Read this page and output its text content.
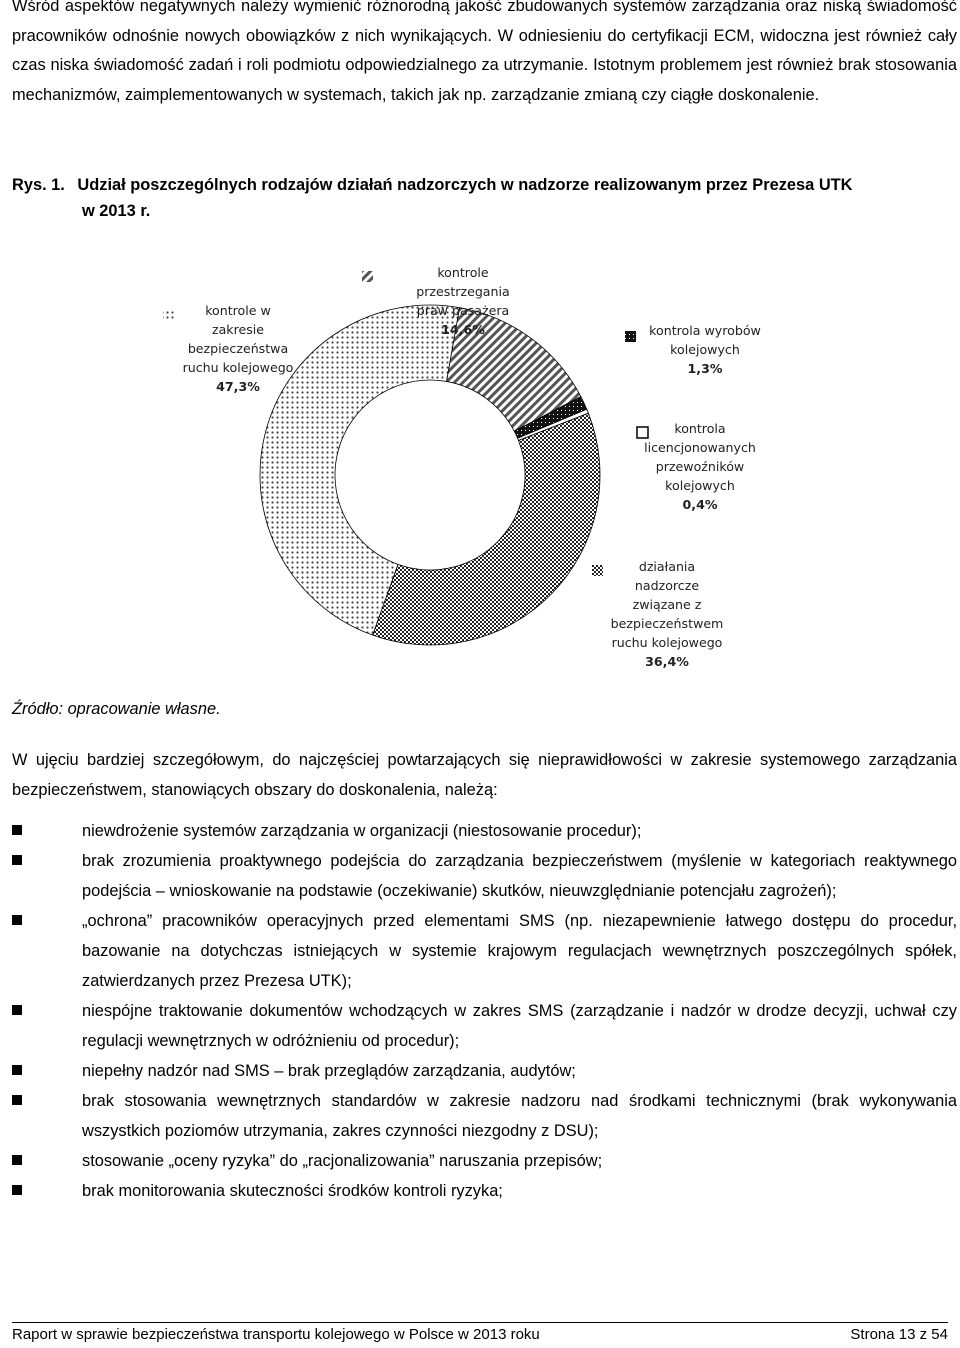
Wśród aspektów negatywnych należy wymienić różnorodną jakość zbudowanych systemów zarządzania oraz niską świadomość pracowników odnośnie nowych obowiązków z nich wynikających. W odniesieniu do certyfikacji ECM, widoczna jest również cały czas niska świadomość zadań i roli podmiotu odpowiedzialnego za utrzymanie. Istotnym problemem jest również brak stosowania mechanizmów, zaimplementowanych w systemach, takich jak np. zarządzanie zmianą czy ciągłe doskonalenie.

Rys. 1. Udział poszczególnych rodzajów działań nadzorczych w nadzorze realizowanym przez Prezesa UTK
w 2013 r.
kontrole przestrzegania praw pasażera 14,6%	kontrola wyrobów kolejowych 1,3%
kontrola licencjonowanych przewoźników kolejowych 0,4%
działania nadzorcze związane z bezpieczeństwem ruchu kolejowego 36,4%
kontrole w zakresie bezpieczeństwa ruchu kolejowego 47,3%
Źródło: opracowanie własne.

W ujęciu bardziej szczegółowym, do najczęściej powtarzających się nieprawidłowości w zakresie systemowego zarządzania bezpieczeństwem, stanowiących obszary do doskonalenia, należą:

niewdrożenie systemów zarządzania w organizacji (niestosowanie procedur);
brak zrozumienia proaktywnego podejścia do zarządzania bezpieczeństwem (myślenie w kategoriach reaktywnego podejścia – wnioskowanie na podstawie (oczekiwanie) skutków, nieuwzględnianie potencjału zagrożeń);
„ochrona” pracowników operacyjnych przed elementami SMS (np. niezapewnienie łatwego dostępu do procedur, bazowanie na dotychczas istniejących w systemie krajowym regulacjach wewnętrznych poszczególnych spółek, zatwierdzanych przez Prezesa UTK);
niespójne traktowanie dokumentów wchodzących w zakres SMS (zarządzanie i nadzór w drodze decyzji, uchwał czy regulacji wewnętrznych w odróżnieniu od procedur);
niepełny nadzór nad SMS – brak przeglądów zarządzania, audytów;
brak stosowania wewnętrznych standardów w zakresie nadzoru nad środkami technicznymi (brak wykonywania wszystkich poziomów utrzymania, zakres czynności niezgodny z DSU);
stosowanie „oceny ryzyka” do „racjonalizowania” naruszania przepisów;
brak monitorowania skuteczności środków kontroli ryzyka;
Raport w sprawie bezpieczeństwa transportu kolejowego w Polsce w 2013 roku	Strona 13 z 54
